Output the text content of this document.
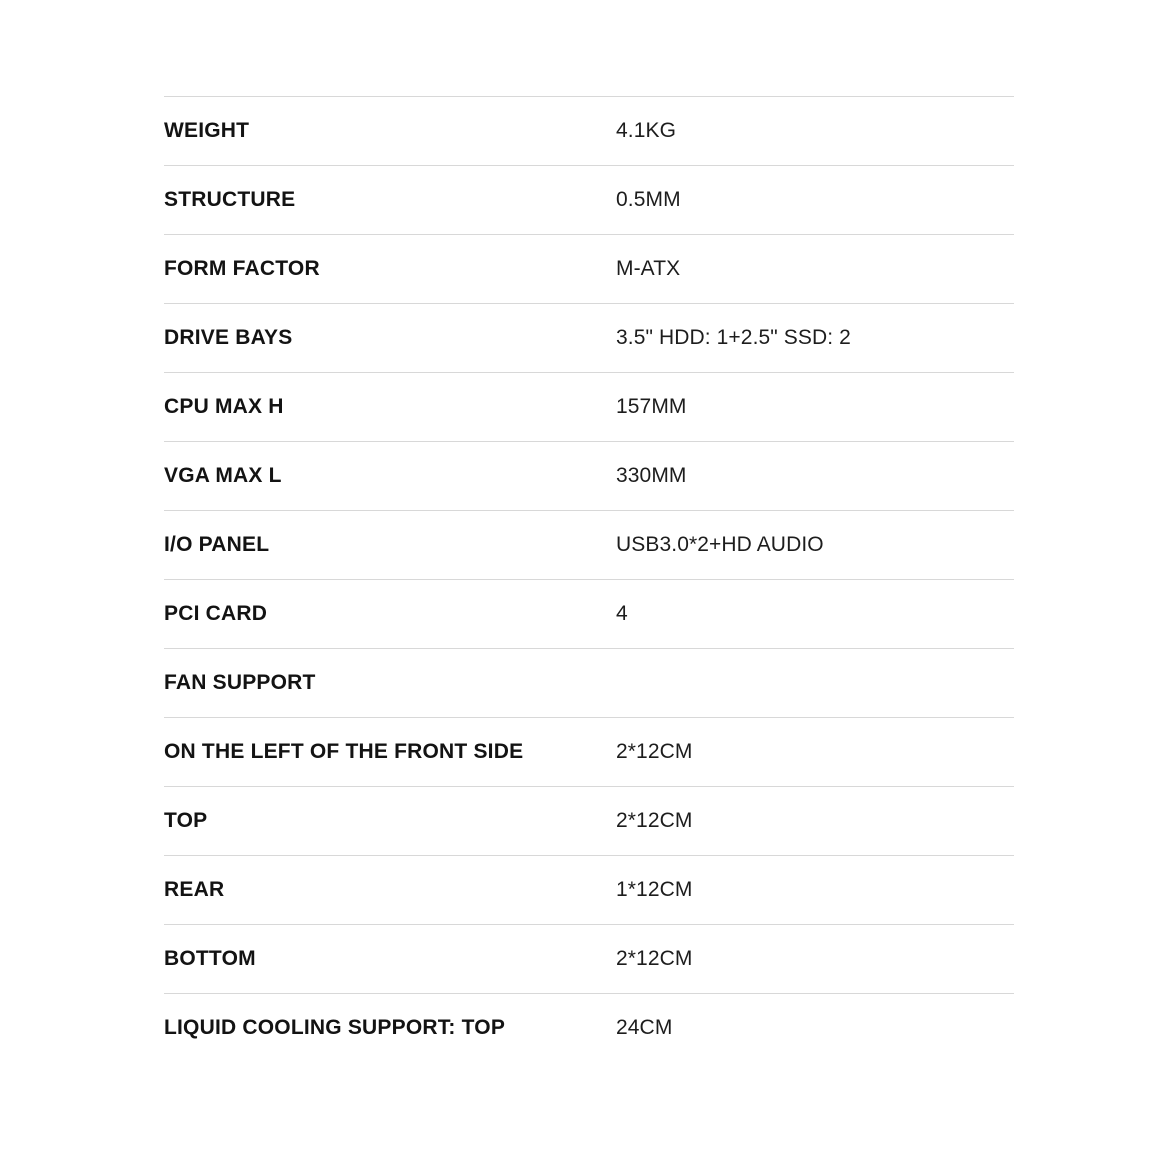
WEIGHT	4.1KG
STRUCTURE	0.5MM
FORM FACTOR	M-ATX
DRIVE BAYS	3.5" HDD: 1+2.5" SSD: 2
CPU MAX H	157MM
VGA MAX L	330MM
I/O PANEL	USB3.0*2+HD AUDIO
PCI CARD	4
FAN SUPPORT
ON THE LEFT OF THE FRONT SIDE	2*12CM
TOP	2*12CM
REAR	1*12CM
BOTTOM	2*12CM
LIQUID COOLING SUPPORT: TOP	24CM
